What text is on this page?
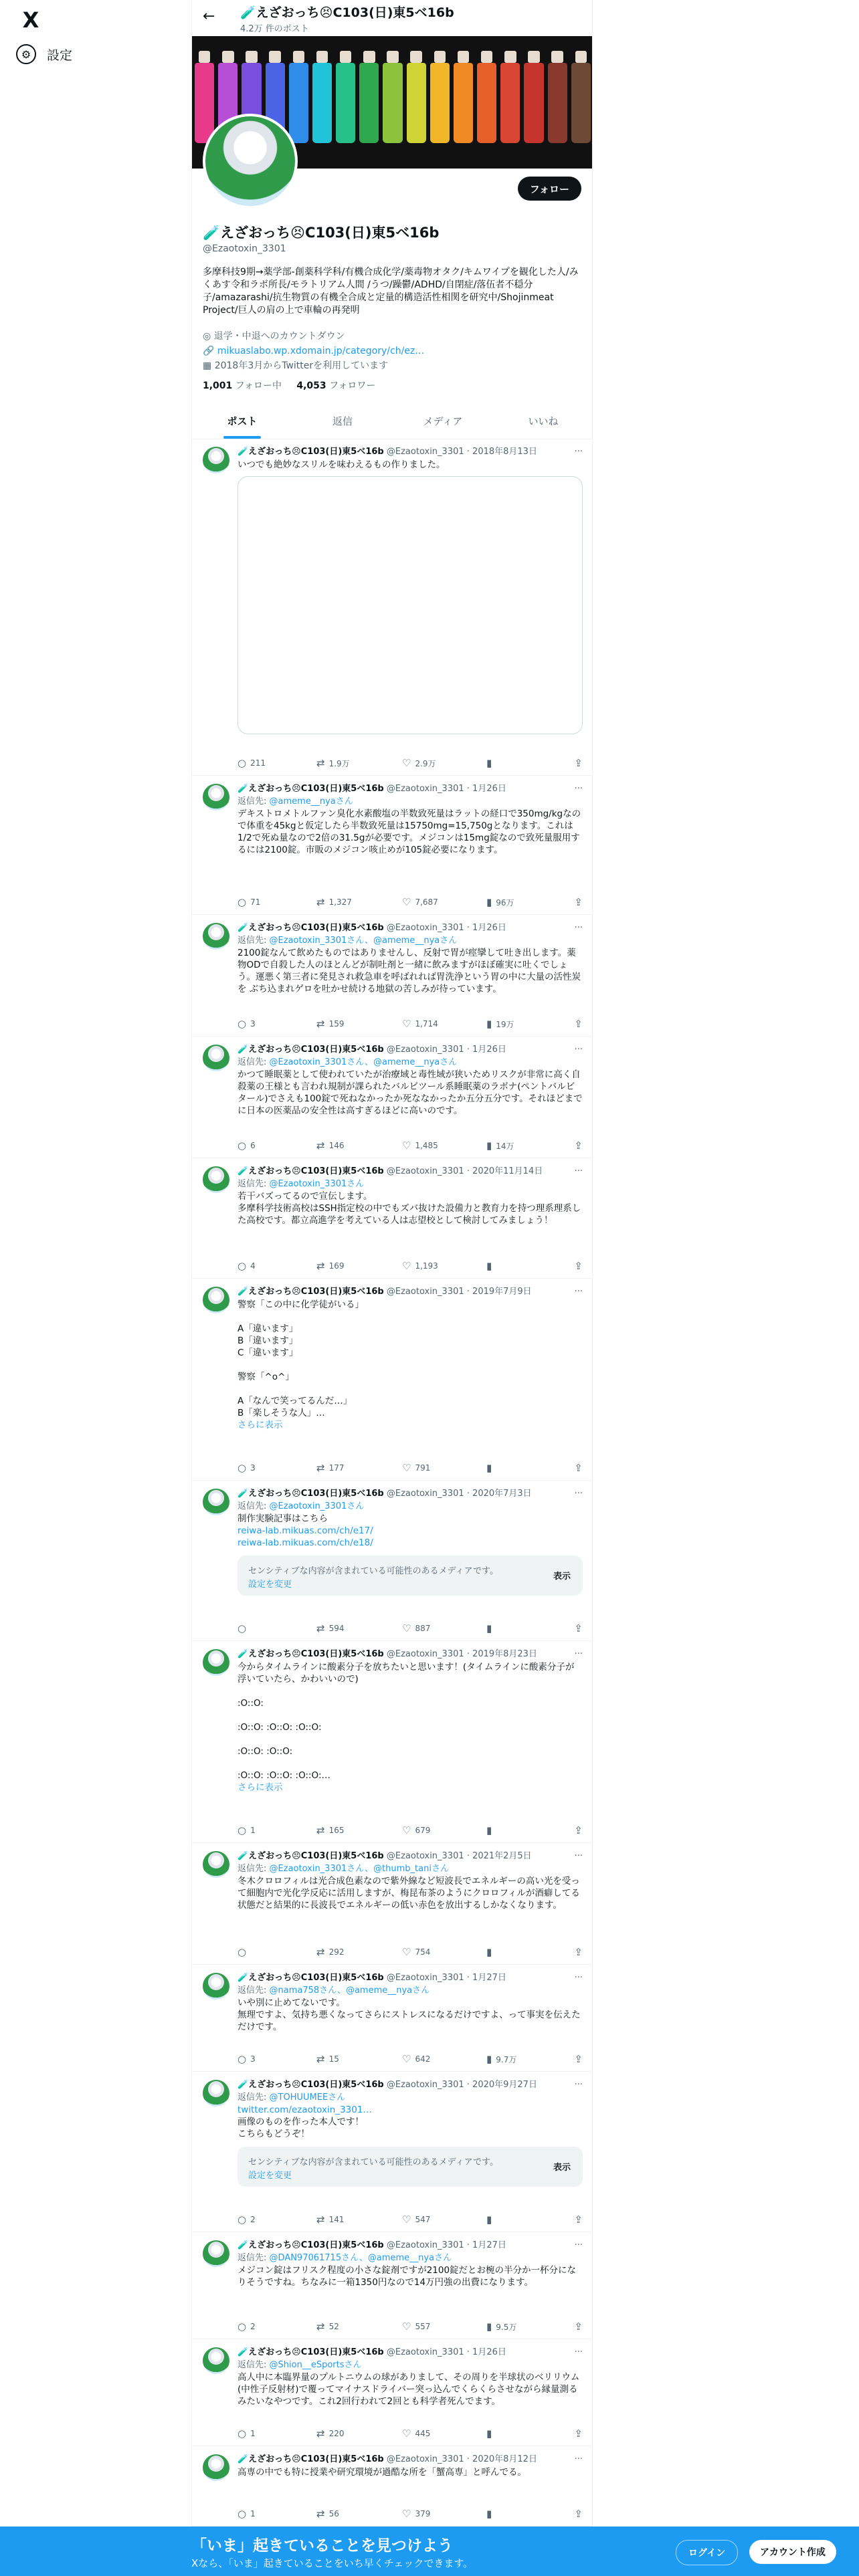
X
⚙	設定
← 🧪えざおっち😣C103(日)東5ベ16b
4.2万 件のポスト
フォロー
🧪えざおっち😣C103(日)東5ベ16b
@Ezaotoxin_3301
多摩科技9期→薬学部-創薬科学科/有機合成化学/薬毒物オタク/キムワイプを観化した人/みくあす令和ラボ所長/モラトリアム人間 /うつ/躁鬱/ADHD/自閉症/落伍者不穏分子/amazarashi/抗生物質の有機全合成と定量的構造活性相関を研究中/Shojinmeat Project/巨人の肩の上で車輪の再発明
◎ 退学・中退へのカウントダウン
🔗 mikuaslabo.wp.xdomain.jp/category/ch/ez…
▦ 2018年3月からTwitterを利用しています
1,001 フォロー中 4,053 フォロワー
ポスト	返信	メディア	いいね
🧪えざおっち😣C103(日)東5ベ16b @Ezaotoxin_3301 · 2018年8月13日	···
いつでも絶妙なスリルを味わえるもの作りました。
○ 211	⇄ 1.9万	♡ 2.9万	▮	⇪
🧪えざおっち😣C103(日)東5ベ16b @Ezaotoxin_3301 · 1月26日	···
返信先: @ameme__nyaさん
デキストロメトルファン臭化水素酸塩の半数致死量はラットの経口で350mg/kgなので体重を45kgと仮定したら半数致死量は15750mg=15,750gとなります。これは1/2で死ぬ量なので2倍の31.5gが必要です。メジコンは15mg錠なので致死量服用するには2100錠。市販のメジコン咳止めが105錠必要になります。
○ 71	⇄ 1,327	♡ 7,687	▮ 96万	⇪
🧪えざおっち😣C103(日)東5ベ16b @Ezaotoxin_3301 · 1月26日	···
返信先: @Ezaotoxin_3301さん、@ameme__nyaさん
2100錠なんて飲めたものではありませんし、反射で胃が痙攣して吐き出します。薬物ODで自殺した人のほとんどが制吐剤と一緒に飲みますがほぼ確実に吐くでしょう。運悪く第三者に発見され救急車を呼ばれれば胃洗浄という胃の中に大量の活性炭を ぶち込まれゲロを吐かせ続ける地獄の苦しみが待っています。
○ 3	⇄ 159	♡ 1,714	▮ 19万	⇪
🧪えざおっち😣C103(日)東5ベ16b @Ezaotoxin_3301 · 1月26日	···
返信先: @Ezaotoxin_3301さん、@ameme__nyaさん
かつて睡眠薬として使われていたが治療域と毒性域が狭いためリスクが非常に高く自殺薬の王様とも言われ規制が課られたバルビツール系睡眠薬のラボナ(ペントバルビタール)でさえも100錠で死ねなかったか死ななかったか五分五分です。それほどまでに日本の医薬品の安全性は高すぎるほどに高いのです。
○ 6	⇄ 146	♡ 1,485	▮ 14万	⇪
🧪えざおっち😣C103(日)東5ベ16b @Ezaotoxin_3301 · 2020年11月14日	···
返信先: @Ezaotoxin_3301さん
若干バズってるので宣伝します。
多摩科学技術高校はSSH指定校の中でもズバ抜けた設備力と教育力を持つ理系理系した高校です。都立高進学を考えている人は志望校として検討してみましょう！
○ 4	⇄ 169	♡ 1,193	▮	⇪
🧪えざおっち😣C103(日)東5ベ16b @Ezaotoxin_3301 · 2019年7月9日	···
警察「この中に化学徒がいる」

A「違います」
B「違います」
C「違います」

警察「^o^」

A「なんで笑ってるんだ…」
B「楽しそうな人」…
さらに表示
○ 3	⇄ 177	♡ 791	▮	⇪
🧪えざおっち😣C103(日)東5ベ16b @Ezaotoxin_3301 · 2020年7月3日	···
返信先: @Ezaotoxin_3301さん
制作実験記事はこちら
reiwa-lab.mikuas.com/ch/e17/
reiwa-lab.mikuas.com/ch/e18/
センシティブな内容が含まれている可能性のあるメディアです。
設定を変更
表示
○	⇄ 594	♡ 887	▮	⇪
🧪えざおっち😣C103(日)東5ベ16b @Ezaotoxin_3301 · 2019年8月23日	···
今からタイムラインに酸素分子を放ちたいと思います！(タイムラインに酸素分子が浮いていたら、かわいいので)

:O::O:

:O::O: :O::O: :O::O:

:O::O: :O::O:

:O::O: :O::O: :O::O:…
さらに表示
○ 1	⇄ 165	♡ 679	▮	⇪
🧪えざおっち😣C103(日)東5ベ16b @Ezaotoxin_3301 · 2021年2月5日	···
返信先: @Ezaotoxin_3301さん、@thumb_taniさん
冬木クロロフィルは光合成色素なので紫外線など短波長でエネルギーの高い光を受って細胞内で光化学反応に活用しますが、梅昆布茶のようにクロロフィルが酒癖してる状態だと結果的に長波長でエネルギーの低い赤色を放出するしかなくなります。
○	⇄ 292	♡ 754	▮	⇪
🧪えざおっち😣C103(日)東5ベ16b @Ezaotoxin_3301 · 1月27日	···
返信先: @nama758さん、@ameme__nyaさん
いや別に止めてないです。
無理ですよ、気持ち悪くなってさらにストレスになるだけですよ、って事実を伝えただけです。
○ 3	⇄ 15	♡ 642	▮ 9.7万	⇪
🧪えざおっち😣C103(日)東5ベ16b @Ezaotoxin_3301 · 2020年9月27日	···
返信先: @TOHUUMEEさん
twitter.com/ezaotoxin_3301…
画像のものを作った本人です！
こちらもどうぞ！
センシティブな内容が含まれている可能性のあるメディアです。
設定を変更
表示
○ 2	⇄ 141	♡ 547	▮	⇪
🧪えざおっち😣C103(日)東5ベ16b @Ezaotoxin_3301 · 1月27日	···
返信先: @DAN97061715さん、@ameme__nyaさん
メジコン錠はフリスク程度の小さな錠剤ですが2100錠だとお椀の半分か一杯分になりそうですね。ちなみに一箱1350円なので14万円強の出費になります。
○ 2	⇄ 52	♡ 557	▮ 9.5万	⇪
🧪えざおっち😣C103(日)東5ベ16b @Ezaotoxin_3301 · 1月26日	···
返信先: @Shion__eSportsさん
高人中に本臨界量のプルトニウムの球がありまして、その周りを半球状のベリリウム(中性子反射材)で覆ってマイナスドライバー突っ込んでくらくらさせながら縁量測るみたいなやつです。これ2回行われて2回とも科学者死んでます。
○ 1	⇄ 220	♡ 445	▮	⇪
🧪えざおっち😣C103(日)東5ベ16b @Ezaotoxin_3301 · 2020年8月12日	···
高専の中でも特に授業や研究環境が過酷な所を「蟹高専」と呼んでる。
○ 1	⇄ 56	♡ 379	▮	⇪
「いま」起きていることを見つけよう
Xなら、「いま」起きていることをいち早くチェックできます。
ログイン	アカウント作成
